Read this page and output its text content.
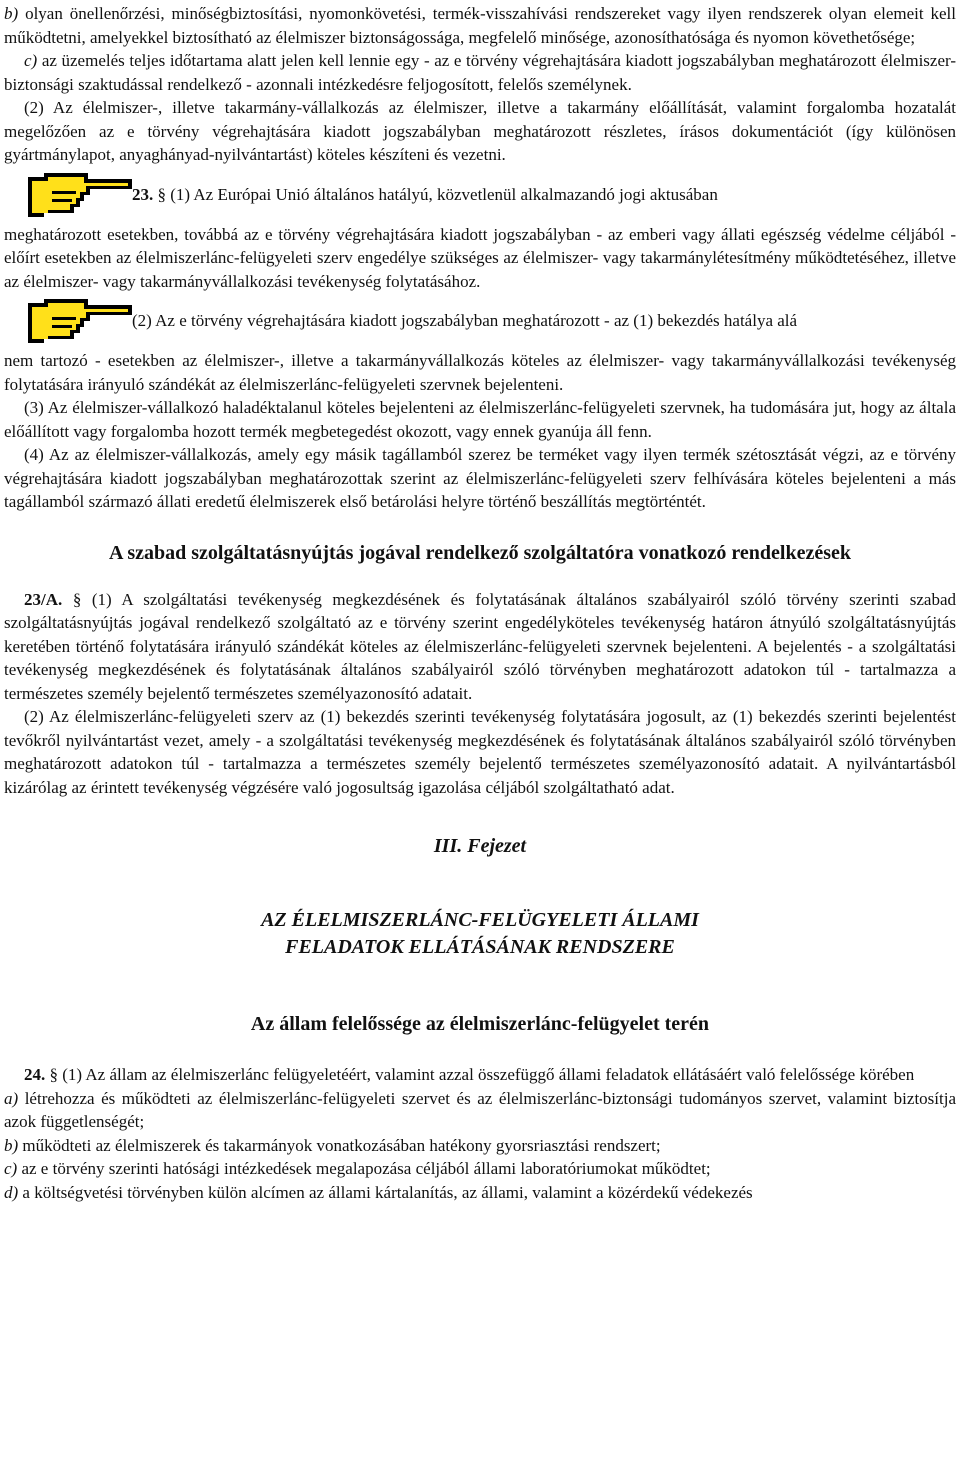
b) olyan önellenőrzési, minőségbiztosítási, nyomonkövetési, termék-visszahívási rendszereket vagy ilyen rendszerek olyan elemeit kell működtetni, amelyekkel biztosítható az élelmiszer biztonságossága, megfelelő minősége, azonosíthatósága és nyomon követhetősége;

c) az üzemelés teljes időtartama alatt jelen kell lennie egy - az e törvény végrehajtására kiadott jogszabályban meghatározott élelmiszer-biztonsági szaktudással rendelkező - azonnali intézkedésre feljogosított, felelős személynek.

(2) Az élelmiszer-, illetve takarmány-vállalkozás az élelmiszer, illetve a takarmány előállítását, valamint forgalomba hozatalát megelőzően az e törvény végrehajtására kiadott jogszabályban meghatározott részletes, írásos dokumentációt (így különösen gyártmánylapot, anyaghányad-nyilvántartást) köteles készíteni és vezetni.

23. § (1) Az Európai Unió általános hatályú, közvetlenül alkalmazandó jogi aktusában

meghatározott esetekben, továbbá az e törvény végrehajtására kiadott jogszabályban - az emberi vagy állati egészség védelme céljából - előírt esetekben az élelmiszerlánc-felügyeleti szerv engedélye szükséges az élelmiszer- vagy takarmánylétesítmény működtetéséhez, illetve az élelmiszer- vagy takarmányvállalkozási tevékenység folytatásához.

(2) Az e törvény végrehajtására kiadott jogszabályban meghatározott - az (1) bekezdés hatálya alá

nem tartozó - esetekben az élelmiszer-, illetve a takarmányvállalkozás köteles az élelmiszer- vagy takarmányvállalkozási tevékenység folytatására irányuló szándékát az élelmiszerlánc-felügyeleti szervnek bejelenteni.

(3) Az élelmiszer-vállalkozó haladéktalanul köteles bejelenteni az élelmiszerlánc-felügyeleti szervnek, ha tudomására jut, hogy az általa előállított vagy forgalomba hozott termék megbetegedést okozott, vagy ennek gyanúja áll fenn.

(4) Az az élelmiszer-vállalkozás, amely egy másik tagállamból szerez be terméket vagy ilyen termék szétosztását végzi, az e törvény végrehajtására kiadott jogszabályban meghatározottak szerint az élelmiszerlánc-felügyeleti szerv felhívására köteles bejelenteni a más tagállamból származó állati eredetű élelmiszerek első betárolási helyre történő beszállítás megtörténtét.

A szabad szolgáltatásnyújtás jogával rendelkező szolgáltatóra vonatkozó rendelkezések

23/A. § (1) A szolgáltatási tevékenység megkezdésének és folytatásának általános szabályairól szóló törvény szerinti szabad szolgáltatásnyújtás jogával rendelkező szolgáltató az e törvény szerint engedélyköteles tevékenység határon átnyúló szolgáltatásnyújtás keretében történő folytatására irányuló szándékát köteles az élelmiszerlánc-felügyeleti szervnek bejelenteni. A bejelentés - a szolgáltatási tevékenység megkezdésének és folytatásának általános szabályairól szóló törvényben meghatározott adatokon túl - tartalmazza a természetes személy bejelentő természetes személyazonosító adatait.

(2) Az élelmiszerlánc-felügyeleti szerv az (1) bekezdés szerinti tevékenység folytatására jogosult, az (1) bekezdés szerinti bejelentést tevőkről nyilvántartást vezet, amely - a szolgáltatási tevékenység megkezdésének és folytatásának általános szabályairól szóló törvényben meghatározott adatokon túl - tartalmazza a természetes személy bejelentő természetes személyazonosító adatait. A nyilvántartásból kizárólag az érintett tevékenység végzésére való jogosultság igazolása céljából szolgáltatható adat.

III. Fejezet

AZ ÉLELMISZERLÁNC-FELÜGYELETI ÁLLAMI FELADATOK ELLÁTÁSÁNAK RENDSZERE

Az állam felelőssége az élelmiszerlánc-felügyelet terén

24. § (1) Az állam az élelmiszerlánc felügyeletéért, valamint azzal összefüggő állami feladatok ellátásáért való felelőssége körében

a) létrehozza és működteti az élelmiszerlánc-felügyeleti szervet és az élelmiszerlánc-biztonsági tudományos szervet, valamint biztosítja azok függetlenségét;

b) működteti az élelmiszerek és takarmányok vonatkozásában hatékony gyorsriasztási rendszert;

c) az e törvény szerinti hatósági intézkedések megalapozása céljából állami laboratóriumokat működtet;

d) a költségvetési törvényben külön alcímen az állami kártalanítás, az állami, valamint a közérdekű védekezés
